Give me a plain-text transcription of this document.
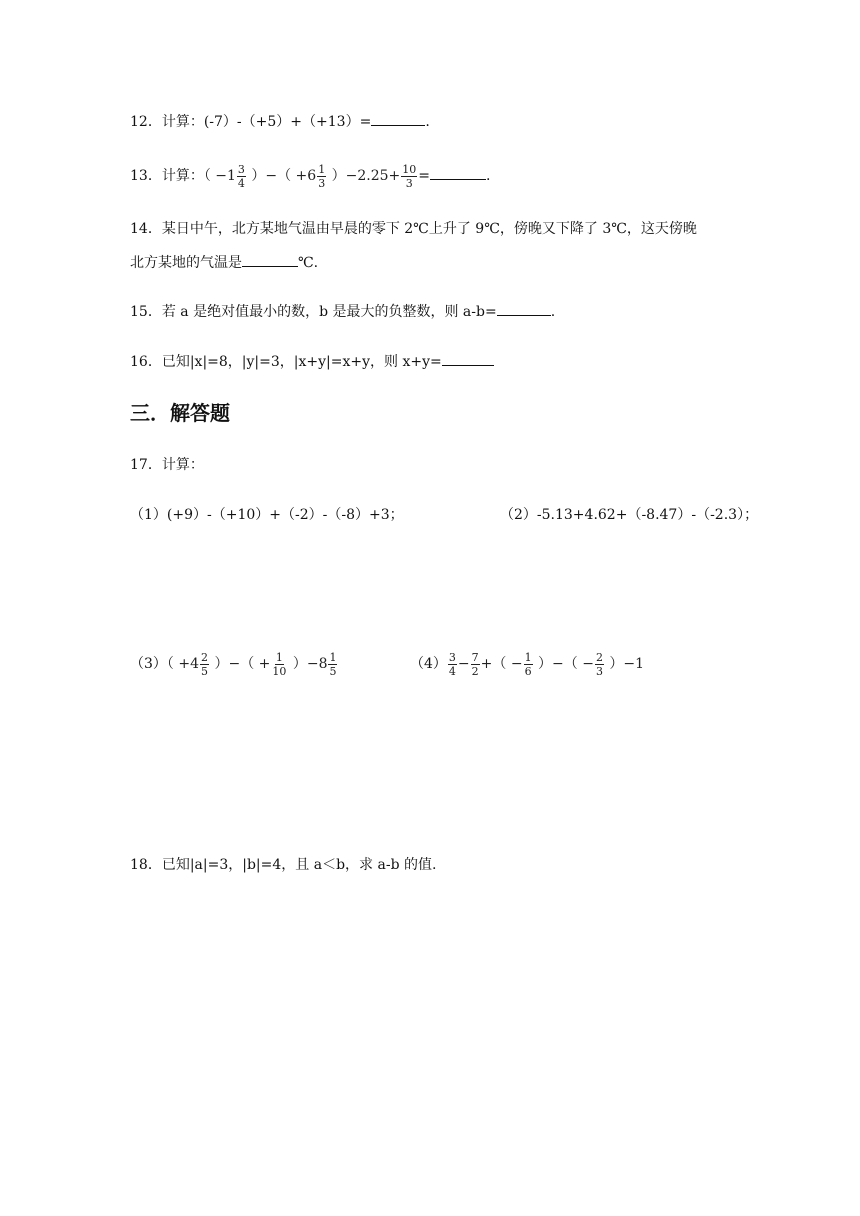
12．计算：(-7）-（+5）+（+13）=	.
13．计算：（ $-1 \frac{3}{4}$ ）−（ $+6 \frac{1}{3} )-2.25+ \frac{10}{3}$ =	.
14．某日中午，北方某地气温由早晨的零下 2℃上升了 9℃，傍晚又下降了 3℃，这天傍晚
北方某地的气温是	℃.
15．若 a 是绝对值最小的数，b 是最大的负整数，则 a-b=	.
16．已知|x|=8，|y|=3，|x+y|=x+y，则 x+y=
三．解答题
17．计算：
（1）(+9）-（+10）+（-2）-（-8）+3；	（2）-5.13+4.62+（-8.47）-（-2.3）；
$(3)( +4 \frac{2}{5}$ ）−（ + $\frac{1}{10} )-8 \frac{1}{5}$	$(4) \frac{3}{4} - \frac{7}{2}$ +（ − $\frac{1}{6}$ ）−（ − $\frac{2}{3} )-1$
18．已知|a|=3，|b|=4，且 a＜b，求 a-b 的值.
